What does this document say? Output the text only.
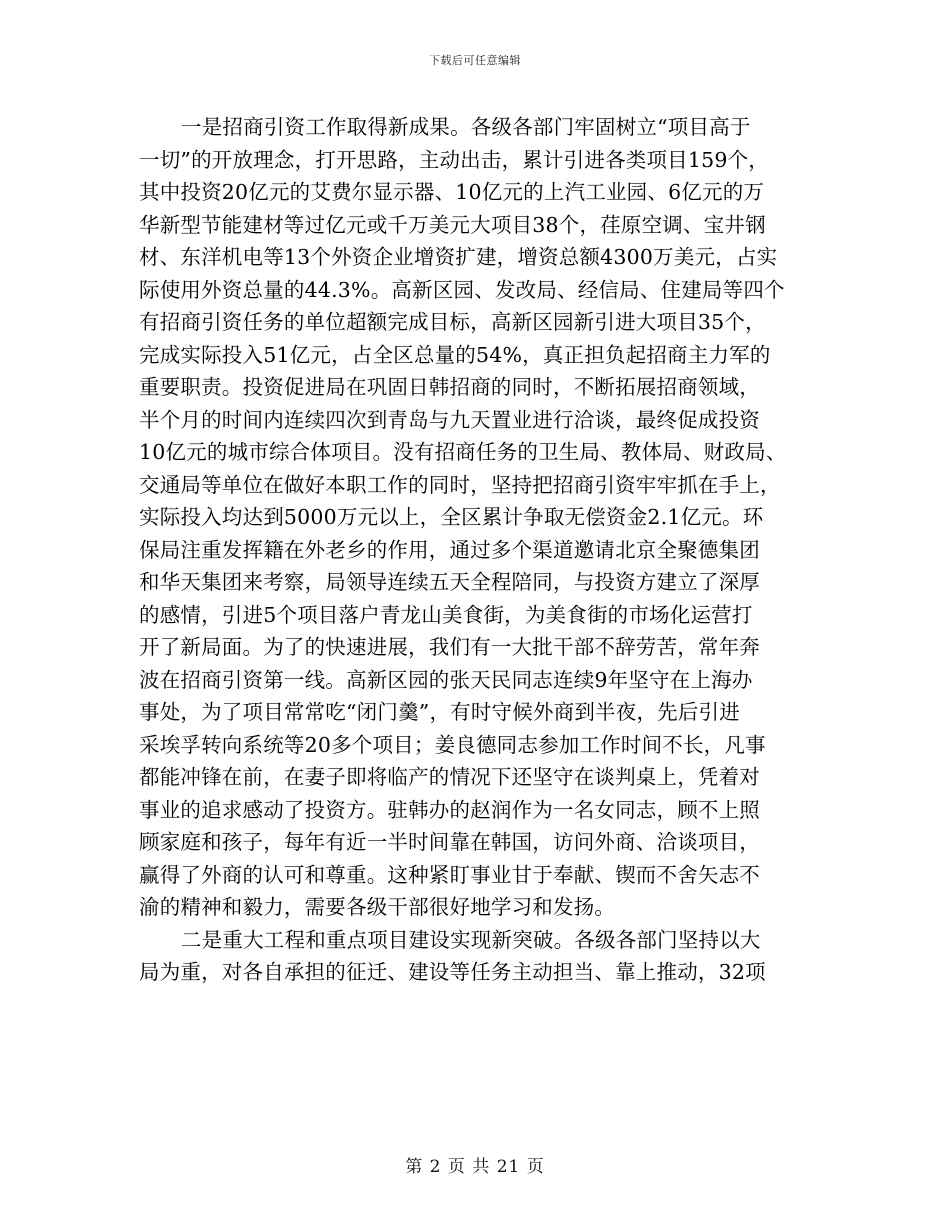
下载后可任意编辑
一是招商引资工作取得新成果。各级各部门牢固树立“项目高于
一切”的开放理念，打开思路，主动出击，累计引进各类项目159个，
其中投资20亿元的艾费尔显示器、10亿元的上汽工业园、6亿元的万
华新型节能建材等过亿元或千万美元大项目38个，荏原空调、宝井钢
材、东洋机电等13个外资企业增资扩建，增资总额4300万美元，占实
际使用外资总量的44.3%。高新区园、发改局、经信局、住建局等四个
有招商引资任务的单位超额完成目标，高新区园新引进大项目35个，
完成实际投入51亿元，占全区总量的54%，真正担负起招商主力军的
重要职责。投资促进局在巩固日韩招商的同时，不断拓展招商领域，
半个月的时间内连续四次到青岛与九天置业进行洽谈，最终促成投资
10亿元的城市综合体项目。没有招商任务的卫生局、教体局、财政局、
交通局等单位在做好本职工作的同时，坚持把招商引资牢牢抓在手上，
实际投入均达到5000万元以上，全区累计争取无偿资金2.1亿元。环
保局注重发挥籍在外老乡的作用，通过多个渠道邀请北京全聚德集团
和华天集团来考察，局领导连续五天全程陪同，与投资方建立了深厚
的感情，引进5个项目落户青龙山美食街，为美食街的市场化运营打
开了新局面。为了的快速进展，我们有一大批干部不辞劳苦，常年奔
波在招商引资第一线。高新区园的张天民同志连续9年坚守在上海办
事处，为了项目常常吃“闭门羹”，有时守候外商到半夜，先后引进
采埃孚转向系统等20多个项目；姜良德同志参加工作时间不长，凡事
都能冲锋在前，在妻子即将临产的情况下还坚守在谈判桌上，凭着对
事业的追求感动了投资方。驻韩办的赵润作为一名女同志，顾不上照
顾家庭和孩子，每年有近一半时间靠在韩国，访问外商、洽谈项目，
赢得了外商的认可和尊重。这种紧盯事业甘于奉献、锲而不舍矢志不
渝的精神和毅力，需要各级干部很好地学习和发扬。
二是重大工程和重点项目建设实现新突破。各级各部门坚持以大
局为重，对各自承担的征迁、建设等任务主动担当、靠上推动，32项
第 2 页 共 21 页
